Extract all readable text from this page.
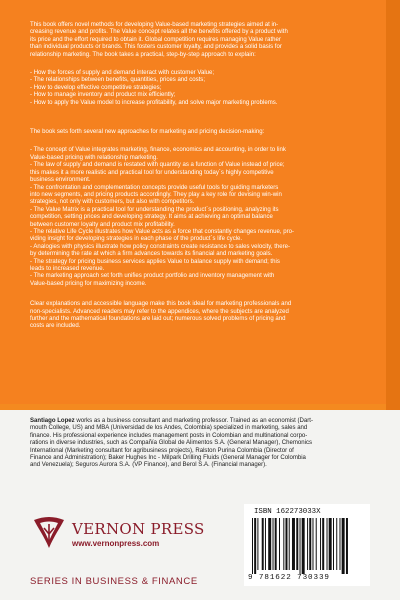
This book offers novel methods for developing Value-based marketing strategies aimed at in-
creasing revenue and profits. The Value concept relates all the benefits offered by a product with
its price and the effort required to obtain it. Global competition requires managing Value rather
than individual products or brands. This fosters customer loyalty, and provides a solid basis for
relationship marketing. The book takes a practical, step-by-step approach to explain:

- How the forces of supply and demand interact with customer Value;
- The relationships between benefits, quantities, prices and costs;
- How to develop effective competitive strategies;
- How to manage inventory and product mix efficiently;
- How to apply the Value model to increase profitability, and solve major marketing problems.

The book sets forth several new approaches for marketing and pricing decision-making:

- The concept of Value integrates marketing, finance, economics and accounting, in order to link
Value-based pricing with relationship marketing.
- The law of supply and demand is restated with quantity as a function of Value instead of price;
this makes it a more realistic and practical tool for understanding today´s highly competitive
business environment.
- The confrontation and complementation concepts provide useful tools for guiding marketers
into new segments, and pricing products accordingly. They play a key role for devising win-win
strategies, not only with customers, but also with competitors.
- The Value Matrix is a practical tool for understanding the product´s positioning, analyzing its
competition, setting prices and developing strategy. It aims at achieving an optimal balance
between customer loyalty and product mix profitability.
- The relative Life Cycle illustrates how Value acts as a force that constantly changes revenue, pro-
viding insight for developing strategies in each phase of the product´s life cycle.
- Analogies with physics illustrate how policy constraints create resistance to sales velocity, there-
by determining the rate at which a firm advances towards its financial and marketing goals.
- The strategy for pricing business services applies Value to balance supply with demand; this
leads to increased revenue.
- The marketing approach set forth unifies product portfolio and inventory management with
Value-based pricing for maximizing income.

Clear explanations and accessible language make this book ideal for marketing professionals and
non-specialists. Advanced readers may refer to the appendices, where the subjects are analyzed
further and the mathematical foundations are laid out; numerous solved problems of pricing and
costs are included.

Santiago Lopez works as a business consultant and marketing professor. Trained as an economist (Dart-
mouth College, US) and MBA (Universidad de los Andes, Colombia) specialized in marketing, sales and
finance. His professional experience includes management posts in Colombian and multinational corpo-
rations in diverse industries, such as Compañía Global de Alimentos S.A. (General Manager), Chemonics
International (Marketing consultant for agribusiness projects), Ralston Purina Colombia (Director of
Finance and Administration); Baker Hughes Inc - Milpark Drilling Fluids (General Manager for Colombia
and Venezuela); Seguros Aurora S.A. (VP Finance), and Berol S.A. (Financial manager).
VERNON PRESS
www.vernonpress.com
SERIES IN BUSINESS & FINANCE
ISBN 162273033X
9 781622 730339
